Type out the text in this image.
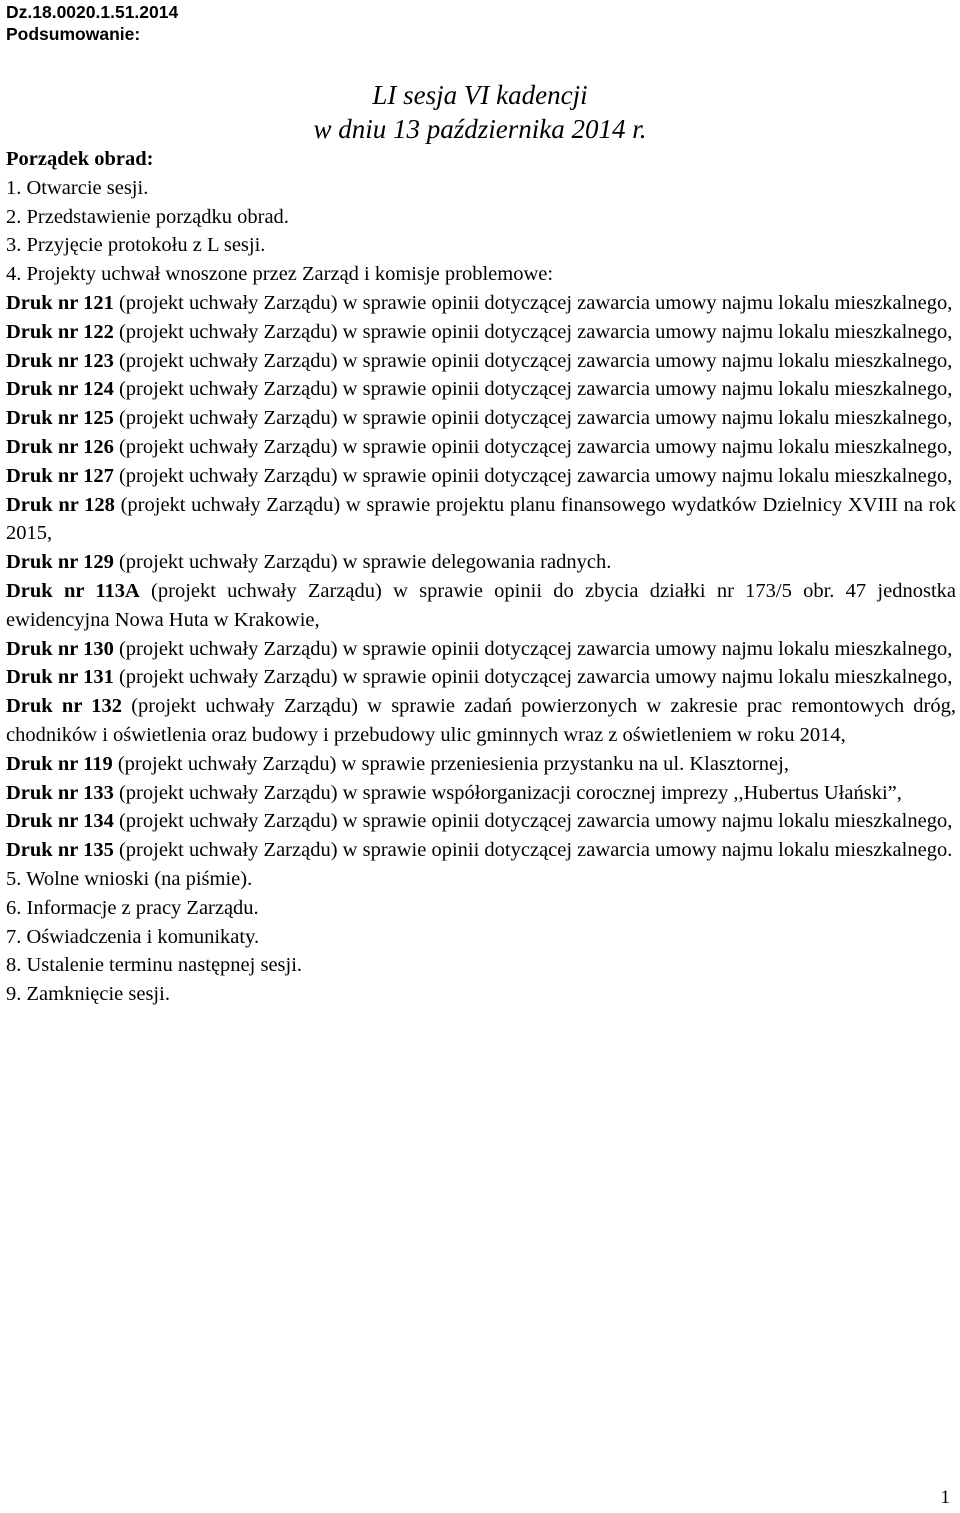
Dz.18.0020.1.51.2014
Podsumowanie:
LI sesja VI kadencji
w dniu 13 października 2014 r.
Porządek obrad:
1. Otwarcie sesji.
2. Przedstawienie porządku obrad.
3. Przyjęcie protokołu z L sesji.
4. Projekty uchwał wnoszone przez Zarząd i komisje problemowe:
Druk nr 121 (projekt uchwały Zarządu) w sprawie opinii dotyczącej zawarcia umowy najmu lokalu mieszkalnego,
Druk nr 122 (projekt uchwały Zarządu) w sprawie opinii dotyczącej zawarcia umowy najmu lokalu mieszkalnego,
Druk nr 123 (projekt uchwały Zarządu) w sprawie opinii dotyczącej zawarcia umowy najmu lokalu mieszkalnego,
Druk nr 124 (projekt uchwały Zarządu) w sprawie opinii dotyczącej zawarcia umowy najmu lokalu mieszkalnego,
Druk nr 125 (projekt uchwały Zarządu) w sprawie opinii dotyczącej zawarcia umowy najmu lokalu mieszkalnego,
Druk nr 126 (projekt uchwały Zarządu) w sprawie opinii dotyczącej zawarcia umowy najmu lokalu mieszkalnego,
Druk nr 127 (projekt uchwały Zarządu) w sprawie opinii dotyczącej zawarcia umowy najmu lokalu mieszkalnego,
Druk nr 128 (projekt uchwały Zarządu) w sprawie projektu planu finansowego wydatków Dzielnicy XVIII na rok 2015,
Druk nr 129 (projekt uchwały Zarządu) w sprawie delegowania radnych.
Druk nr 113A (projekt uchwały Zarządu) w sprawie opinii do zbycia działki nr 173/5 obr. 47 jednostka ewidencyjna Nowa Huta w Krakowie,
Druk nr 130 (projekt uchwały Zarządu) w sprawie opinii dotyczącej zawarcia umowy najmu lokalu mieszkalnego,
Druk nr 131 (projekt uchwały Zarządu) w sprawie opinii dotyczącej zawarcia umowy najmu lokalu mieszkalnego,
Druk nr 132 (projekt uchwały Zarządu) w sprawie zadań powierzonych w zakresie prac remontowych dróg, chodników i oświetlenia oraz budowy i przebudowy ulic gminnych wraz z oświetleniem w roku 2014,
Druk nr 119 (projekt uchwały Zarządu) w sprawie przeniesienia przystanku na ul. Klasztornej,
Druk nr 133 (projekt uchwały Zarządu) w sprawie współorganizacji corocznej imprezy ,,Hubertus Ułański”,
Druk nr 134 (projekt uchwały Zarządu) w sprawie opinii dotyczącej zawarcia umowy najmu lokalu mieszkalnego,
Druk nr 135 (projekt uchwały Zarządu) w sprawie opinii dotyczącej zawarcia umowy najmu lokalu mieszkalnego.
5. Wolne wnioski (na piśmie).
6. Informacje z pracy Zarządu.
7. Oświadczenia i komunikaty.
8. Ustalenie terminu następnej sesji.
9. Zamknięcie sesji.
1
